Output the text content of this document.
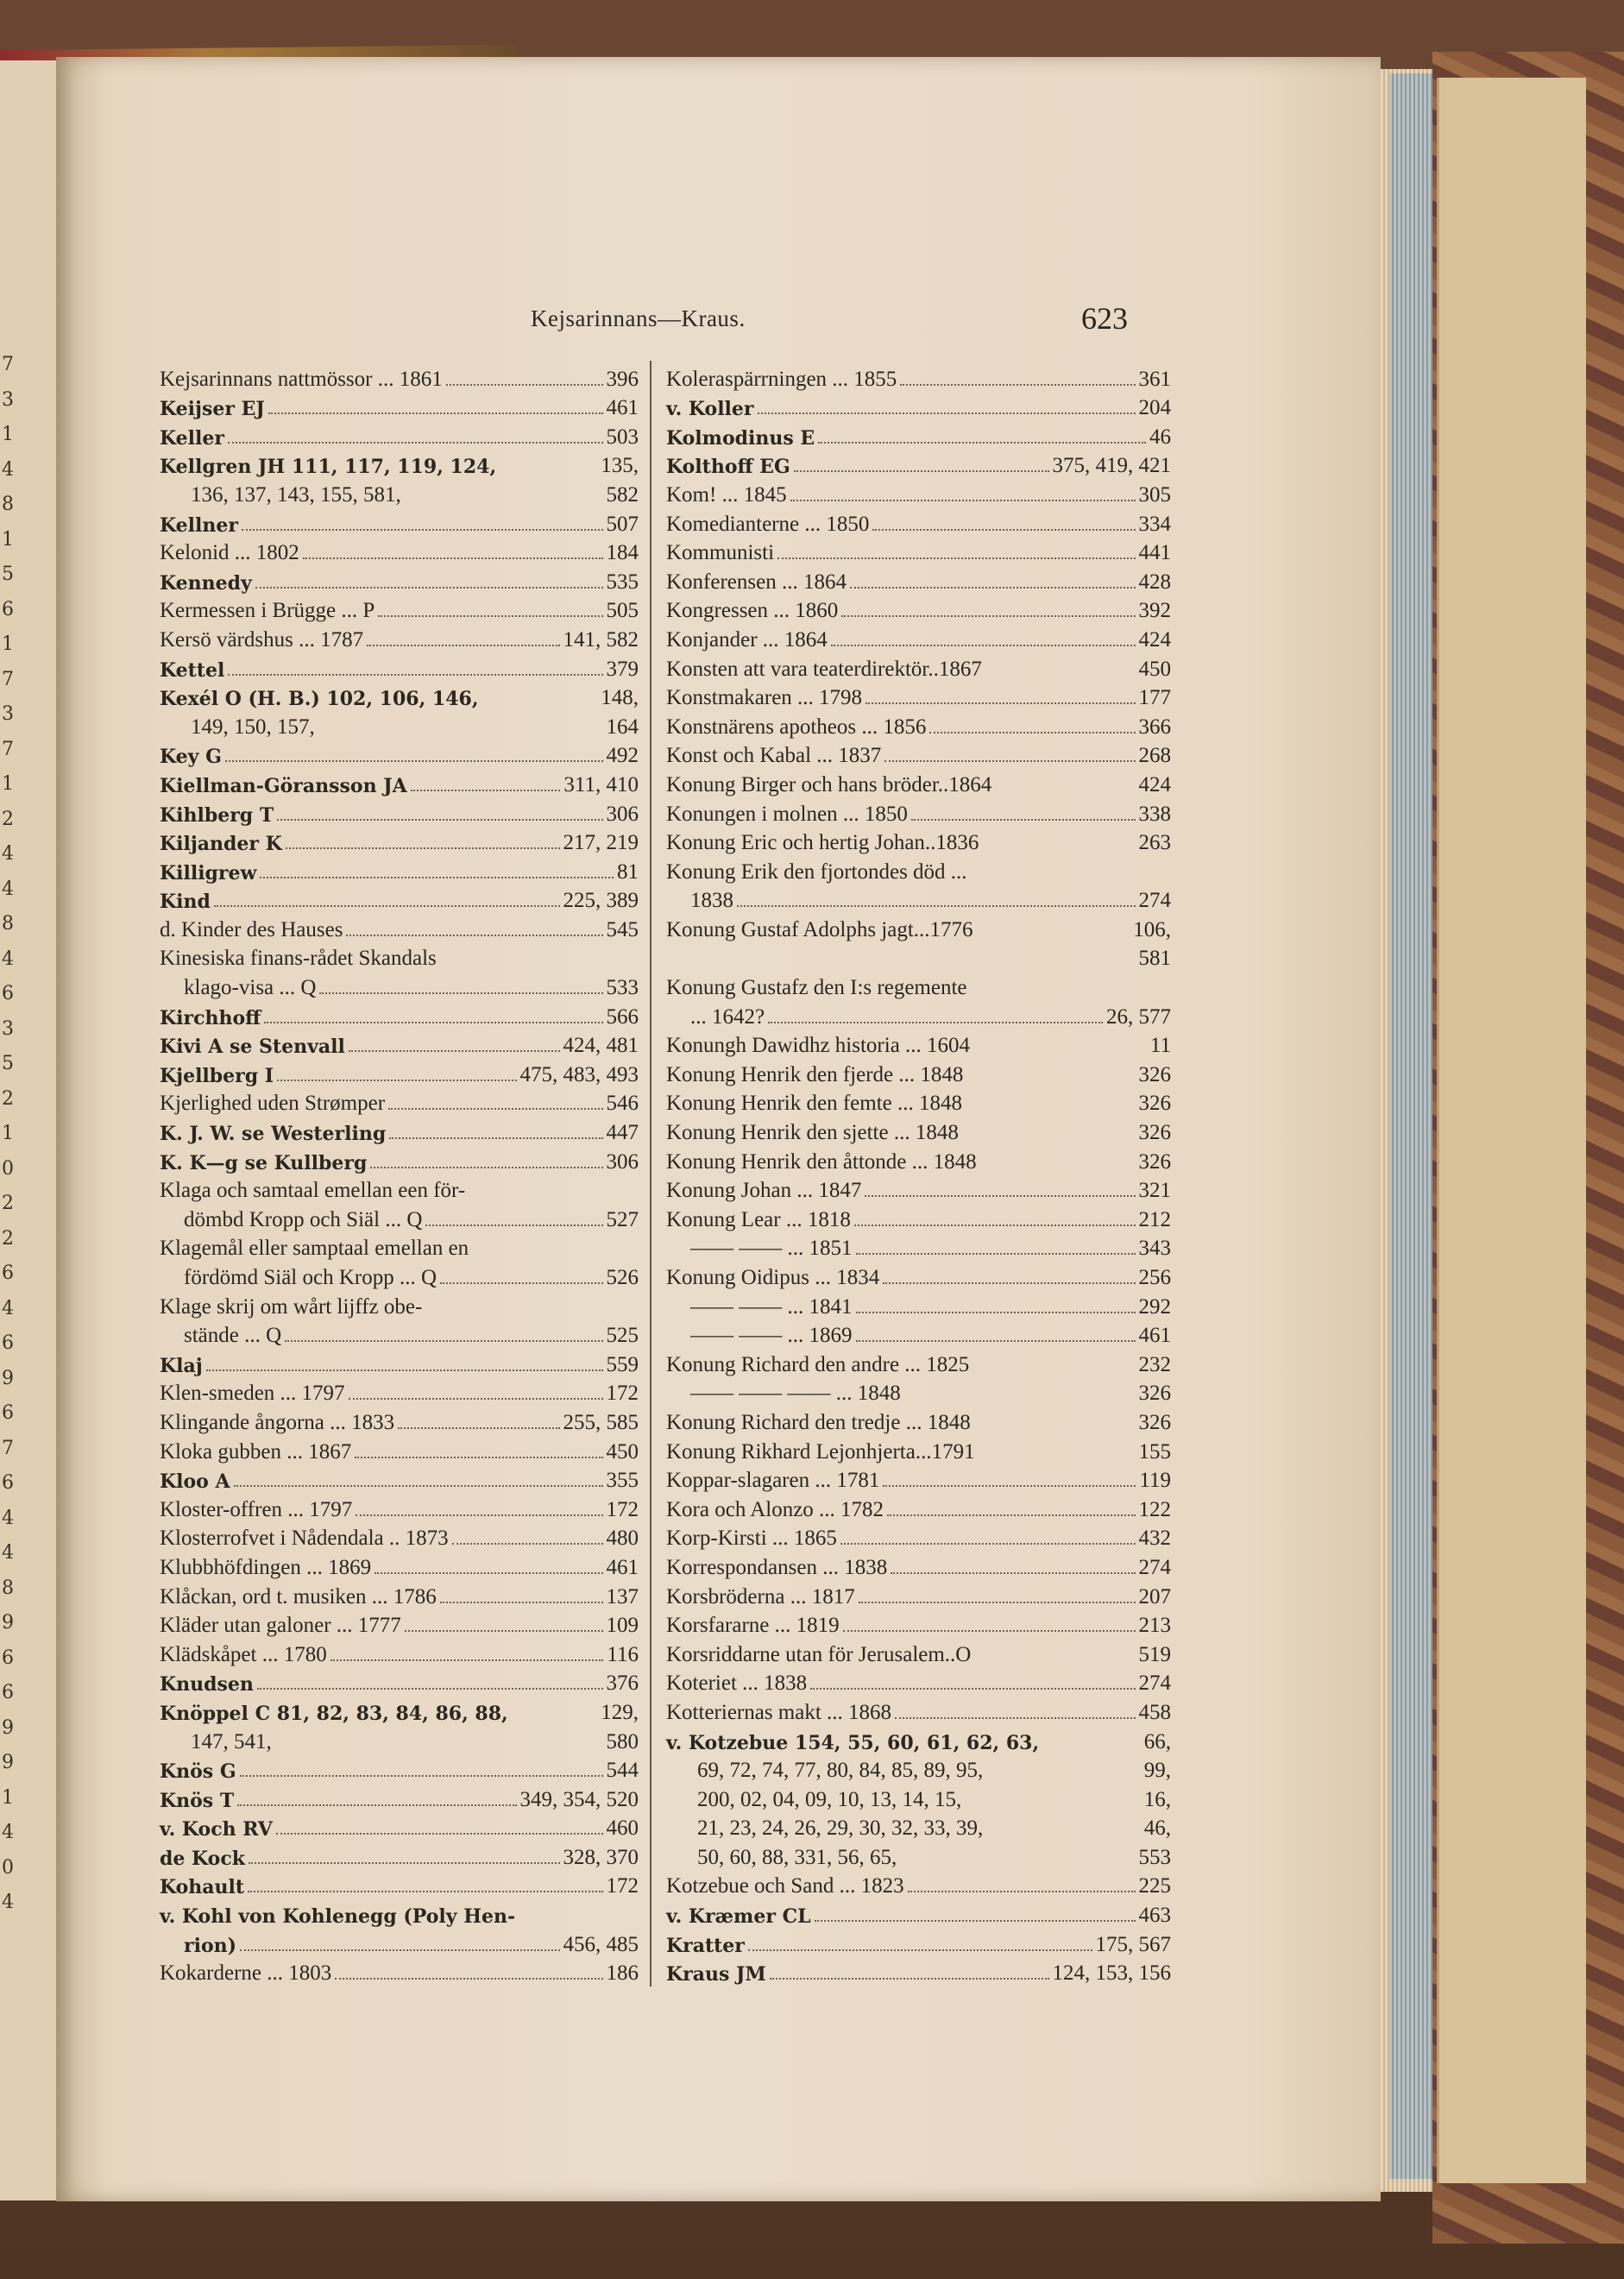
7
3
1
4
8
1
5
6
1
7
3
7
1
2
4
4
8
4
6
3
5
2
1
0
2
2
6
4
6
9
6
7
6
4
4
8
9
6
6
9
9
1
4
0
4
Kejsarinnans—Kraus.	623
Kejsarinnans nattmössor ... 1861	396
Keijser EJ	461
Keller	503
Kellgren JH 111, 117, 119, 124,	135,
136, 137, 143, 155, 581,	582
Kellner	507
Kelonid ... 1802	184
Kennedy	535
Kermessen i Brügge ... P	505
Kersö värdshus ... 1787	141, 582
Kettel	379
Kexél O (H. B.) 102, 106, 146,	148,
149, 150, 157,	164
Key G	492
Kiellman-Göransson JA	311, 410
Kihlberg T	306
Kiljander K	217, 219
Killigrew	81
Kind	225, 389
d. Kinder des Hauses	545
Kinesiska finans-rådet Skandals
klago-visa ... Q	533
Kirchhoff	566
Kivi A se Stenvall	424, 481
Kjellberg I	475, 483, 493
Kjerlighed uden Strømper	546
K. J. W. se Westerling	447
K. K—g se Kullberg	306
Klaga och samtaal emellan een för-
dömbd Kropp och Siäl ... Q	527
Klagemål eller samptaal emellan en
fördömd Siäl och Kropp ... Q	526
Klage skrij om wårt lijffz obe-
stände ... Q	525
Klaj	559
Klen-smeden ... 1797	172
Klingande ångorna ... 1833	255, 585
Kloka gubben ... 1867	450
Kloo A	355
Kloster-offren ... 1797	172
Klosterrofvet i Nådendala .. 1873	480
Klubbhöfdingen ... 1869	461
Klåckan, ord t. musiken ... 1786	137
Kläder utan galoner ... 1777	109
Klädskåpet ... 1780	116
Knudsen	376
Knöppel C 81, 82, 83, 84, 86, 88,	129,
147, 541,	580
Knös G	544
Knös T	349, 354, 520
v. Koch RV	460
de Kock	328, 370
Kohault	172
v. Kohl von Kohlenegg (Poly Hen-
rion)	456, 485
Kokarderne ... 1803	186
Koleraspärrningen ... 1855	361
v. Koller	204
Kolmodinus E	46
Kolthoff EG	375, 419, 421
Kom! ... 1845	305
Komedianterne ... 1850	334
Kommunisti	441
Konferensen ... 1864	428
Kongressen ... 1860	392
Konjander ... 1864	424
Konsten att vara teaterdirektör..1867	450
Konstmakaren ... 1798	177
Konstnärens apotheos ... 1856	366
Konst och Kabal ... 1837	268
Konung Birger och hans bröder..1864	424
Konungen i molnen ... 1850	338
Konung Eric och hertig Johan..1836	263
Konung Erik den fjortondes död ...
1838	274
Konung Gustaf Adolphs jagt...1776	106,
581
Konung Gustafz den I:s regemente
... 1642?	26, 577
Konungh Dawidhz historia ... 1604	11
Konung Henrik den fjerde ... 1848	326
Konung Henrik den femte ... 1848	326
Konung Henrik den sjette ... 1848	326
Konung Henrik den åttonde ... 1848	326
Konung Johan ... 1847	321
Konung Lear ... 1818	212
—— —— ... 1851	343
Konung Oidipus ... 1834	256
—— —— ... 1841	292
—— —— ... 1869	461
Konung Richard den andre ... 1825	232
—— —— —— ... 1848	326
Konung Richard den tredje ... 1848	326
Konung Rikhard Lejonhjerta...1791	155
Koppar-slagaren ... 1781	119
Kora och Alonzo ... 1782	122
Korp-Kirsti ... 1865	432
Korrespondansen ... 1838	274
Korsbröderna ... 1817	207
Korsfararne ... 1819	213
Korsriddarne utan för Jerusalem..O	519
Koteriet ... 1838	274
Kotteriernas makt ... 1868	458
v. Kotzebue 154, 55, 60, 61, 62, 63,	66,
69, 72, 74, 77, 80, 84, 85, 89, 95,	99,
200, 02, 04, 09, 10, 13, 14, 15,	16,
21, 23, 24, 26, 29, 30, 32, 33, 39,	46,
50, 60, 88, 331, 56, 65,	553
Kotzebue och Sand ... 1823	225
v. Kræmer CL	463
Kratter	175, 567
Kraus JM	124, 153, 156
